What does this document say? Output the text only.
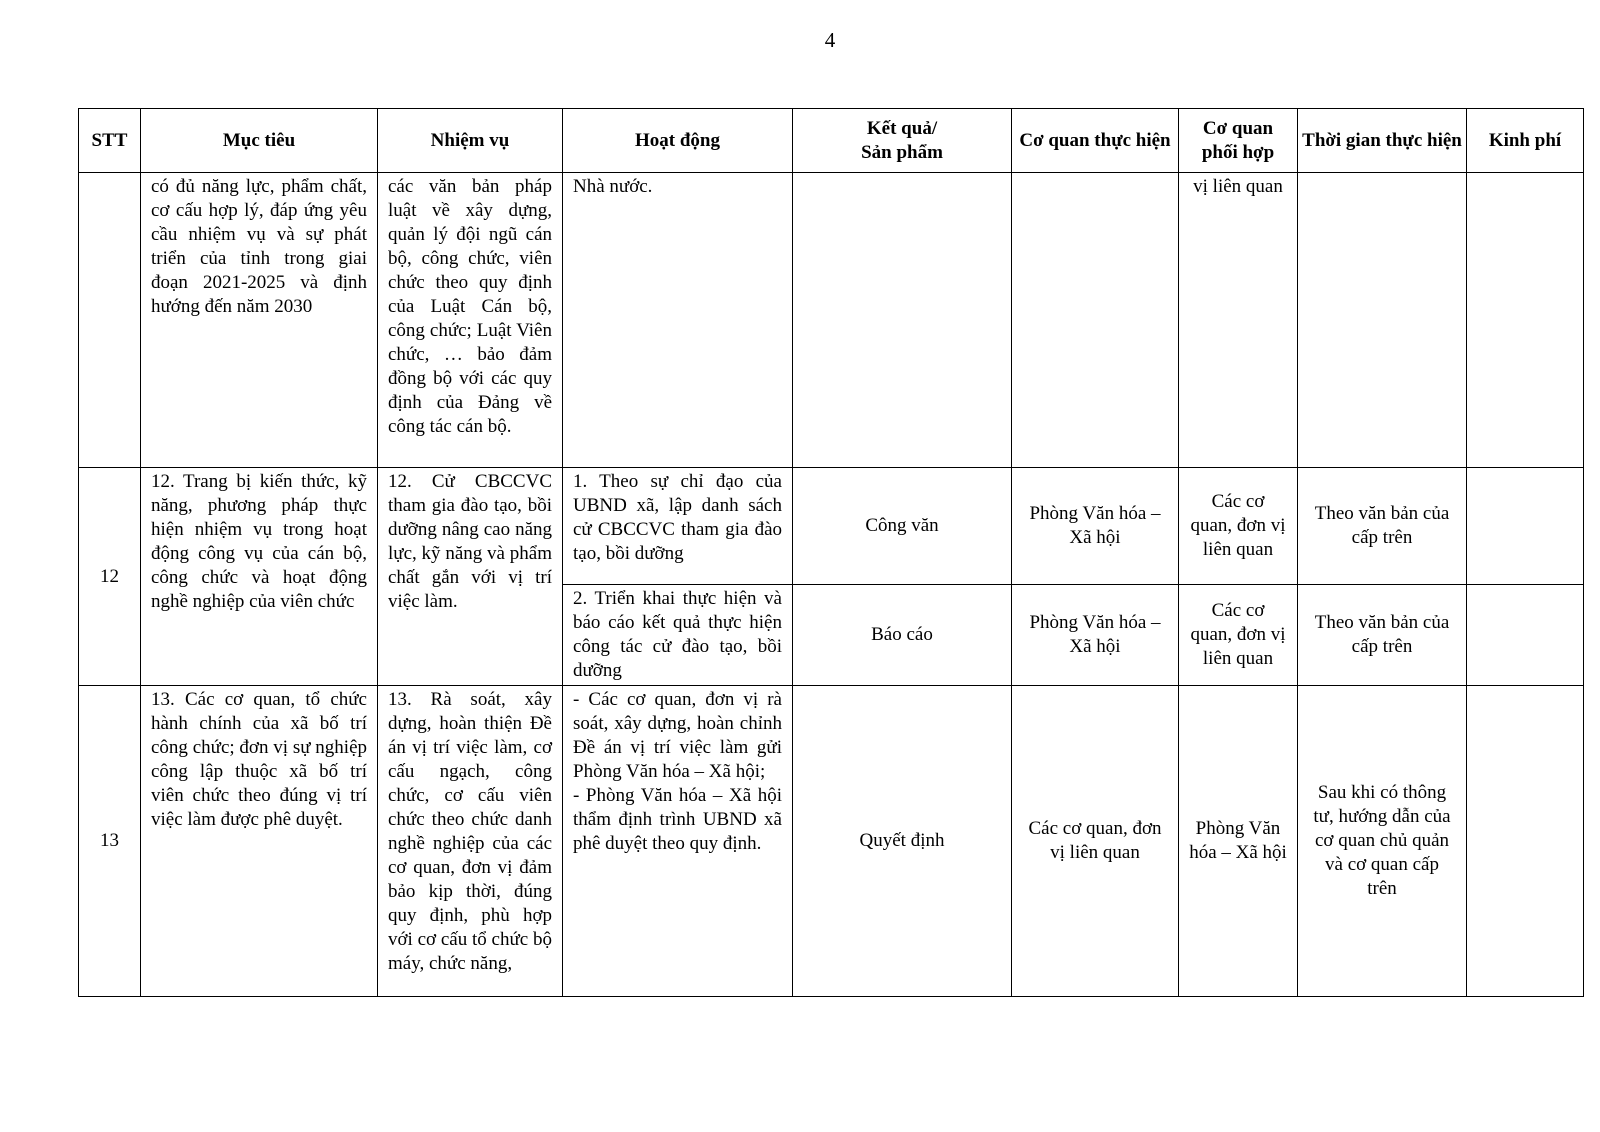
4
STT	Mục tiêu	Nhiệm vụ	Hoạt động	Kết quả/
Sản phẩm	Cơ quan thực hiện	Cơ quan phối hợp	Thời gian thực hiện	Kinh phí
	có đủ năng lực, phẩm chất, cơ cấu hợp lý, đáp ứng yêu cầu nhiệm vụ và sự phát triển của tỉnh trong giai đoạn 2021-2025 và định hướng đến năm 2030	các văn bản pháp luật về xây dựng, quản lý đội ngũ cán bộ, công chức, viên chức theo quy định của Luật Cán bộ, công chức; Luật Viên chức, … bảo đảm đồng bộ với các quy định của Đảng về công tác cán bộ.	Nhà nước.			vị liên quan		
12	12. Trang bị kiến thức, kỹ năng, phương pháp thực hiện nhiệm vụ trong hoạt động công vụ của cán bộ, công chức và hoạt động nghề nghiệp của viên chức	12. Cử CBCCVC tham gia đào tạo, bồi dưỡng nâng cao năng lực, kỹ năng và phẩm chất gắn với vị trí việc làm.	1. Theo sự chỉ đạo của UBND xã, lập danh sách cử CBCCVC tham gia đào tạo, bồi dưỡng	Công văn	Phòng Văn hóa – Xã hội	Các cơ quan, đơn vị liên quan	Theo văn bản của cấp trên	
			2. Triển khai thực hiện và báo cáo kết quả thực hiện công tác cử đào tạo, bồi dưỡng	Báo cáo	Phòng Văn hóa – Xã hội	Các cơ quan, đơn vị liên quan	Theo văn bản của cấp trên	
13	13. Các cơ quan, tổ chức hành chính của xã bố trí công chức; đơn vị sự nghiệp công lập thuộc xã bố trí viên chức theo đúng vị trí việc làm được phê duyệt.	13. Rà soát, xây dựng, hoàn thiện Đề án vị trí việc làm, cơ cấu ngạch, công chức, cơ cấu viên chức theo chức danh nghề nghiệp của các cơ quan, đơn vị đảm bảo kịp thời, đúng quy định, phù hợp với cơ cấu tổ chức bộ máy, chức năng,	- Các cơ quan, đơn vị rà soát, xây dựng, hoàn chỉnh Đề án vị trí việc làm gửi Phòng Văn hóa – Xã hội;
- Phòng Văn hóa – Xã hội thẩm định trình UBND xã phê duyệt theo quy định.	Quyết định	Các cơ quan, đơn vị liên quan	Phòng Văn hóa – Xã hội	Sau khi có thông tư, hướng dẫn của cơ quan chủ quản và cơ quan cấp trên	
